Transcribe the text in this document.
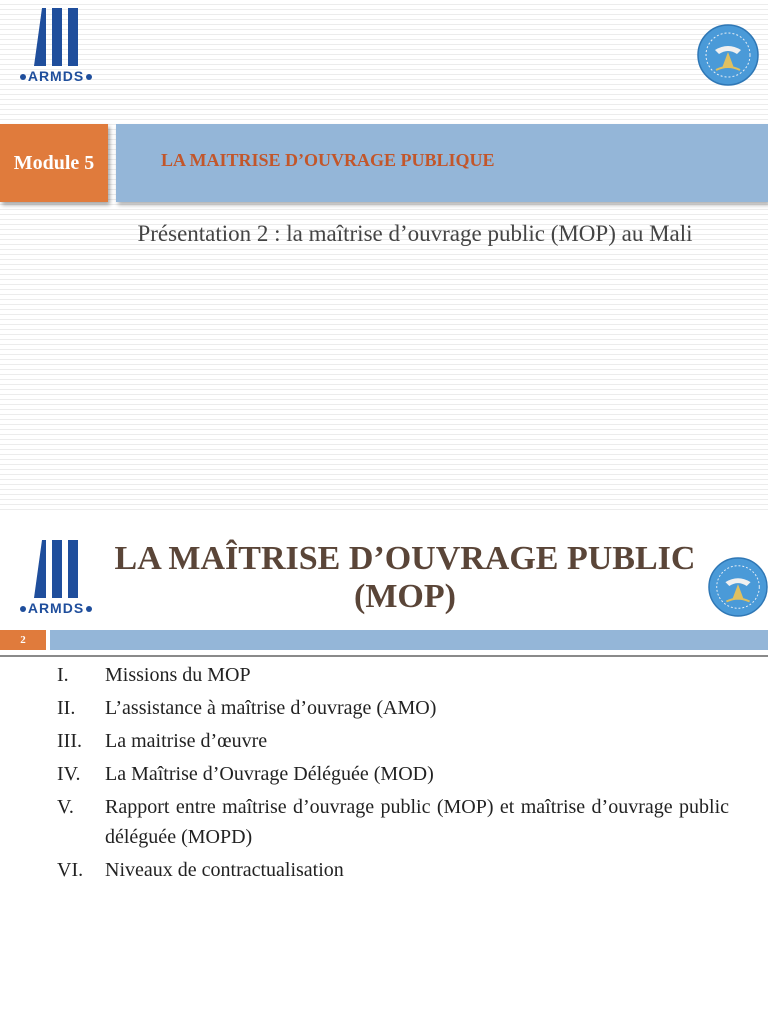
ARMDS
Module 5	LA MAITRISE D’OUVRAGE PUBLIQUE
Présentation 2 : la maîtrise d’ouvrage public (MOP) au Mali
ARMDS
LA MAÎTRISE D’OUVRAGE PUBLIC (MOP)
2
I.	Missions du MOP
II.	L’assistance à maîtrise d’ouvrage (AMO)
III.	La maitrise d’œuvre
IV.	La Maîtrise d’Ouvrage Déléguée (MOD)
V.	Rapport entre maîtrise d’ouvrage public (MOP) et maîtrise d’ouvrage public déléguée (MOPD)
VI.	Niveaux de contractualisation
